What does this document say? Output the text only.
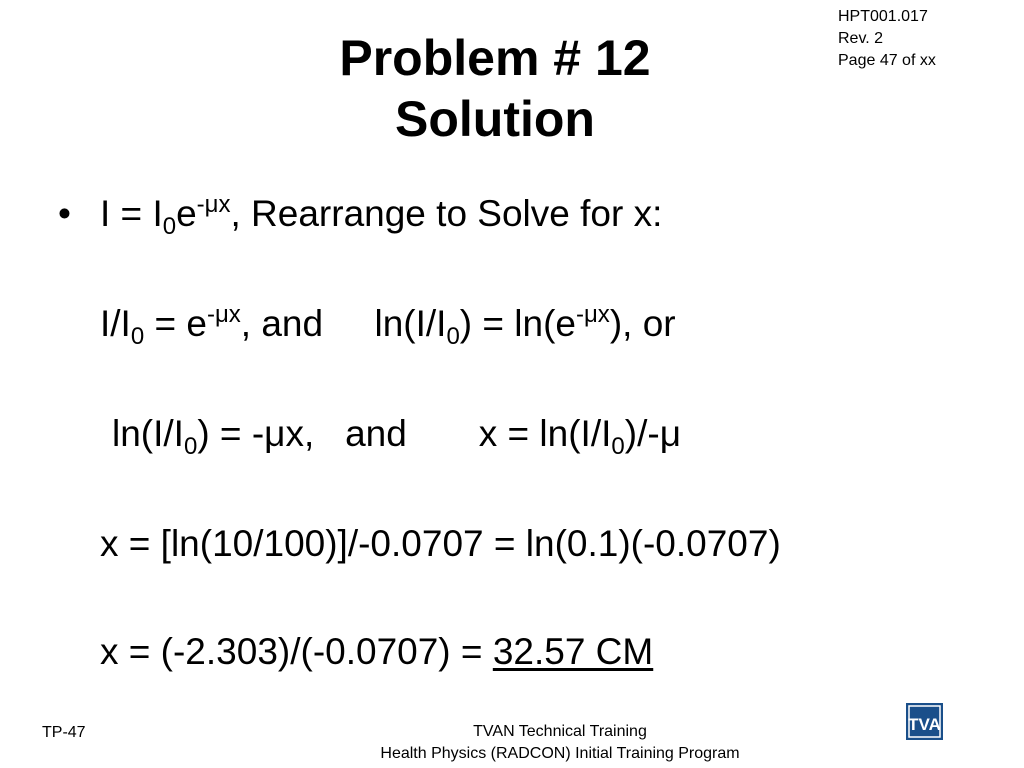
HPT001.017
Rev. 2
Page 47 of xx
Problem # 12
Solution
• $I = I_0e^{-\mu x}$, Rearrange to Solve for x:
$I/I_0 = e^{-\mu x}$, and     $\ln(I/I_0) = \ln(e^{-\mu x})$, or
$\ln(I/I_0) = -\mu x$,   and       $x = \ln(I/I_0)/-\mu$
x = [ln(10/100)]/-0.0707 = ln(0.1)(-0.0707)
x = (-2.303)/(-0.0707) = 32.57 CM
TP-47	TVAN Technical Training
Health Physics (RADCON) Initial Training Program
TVA
